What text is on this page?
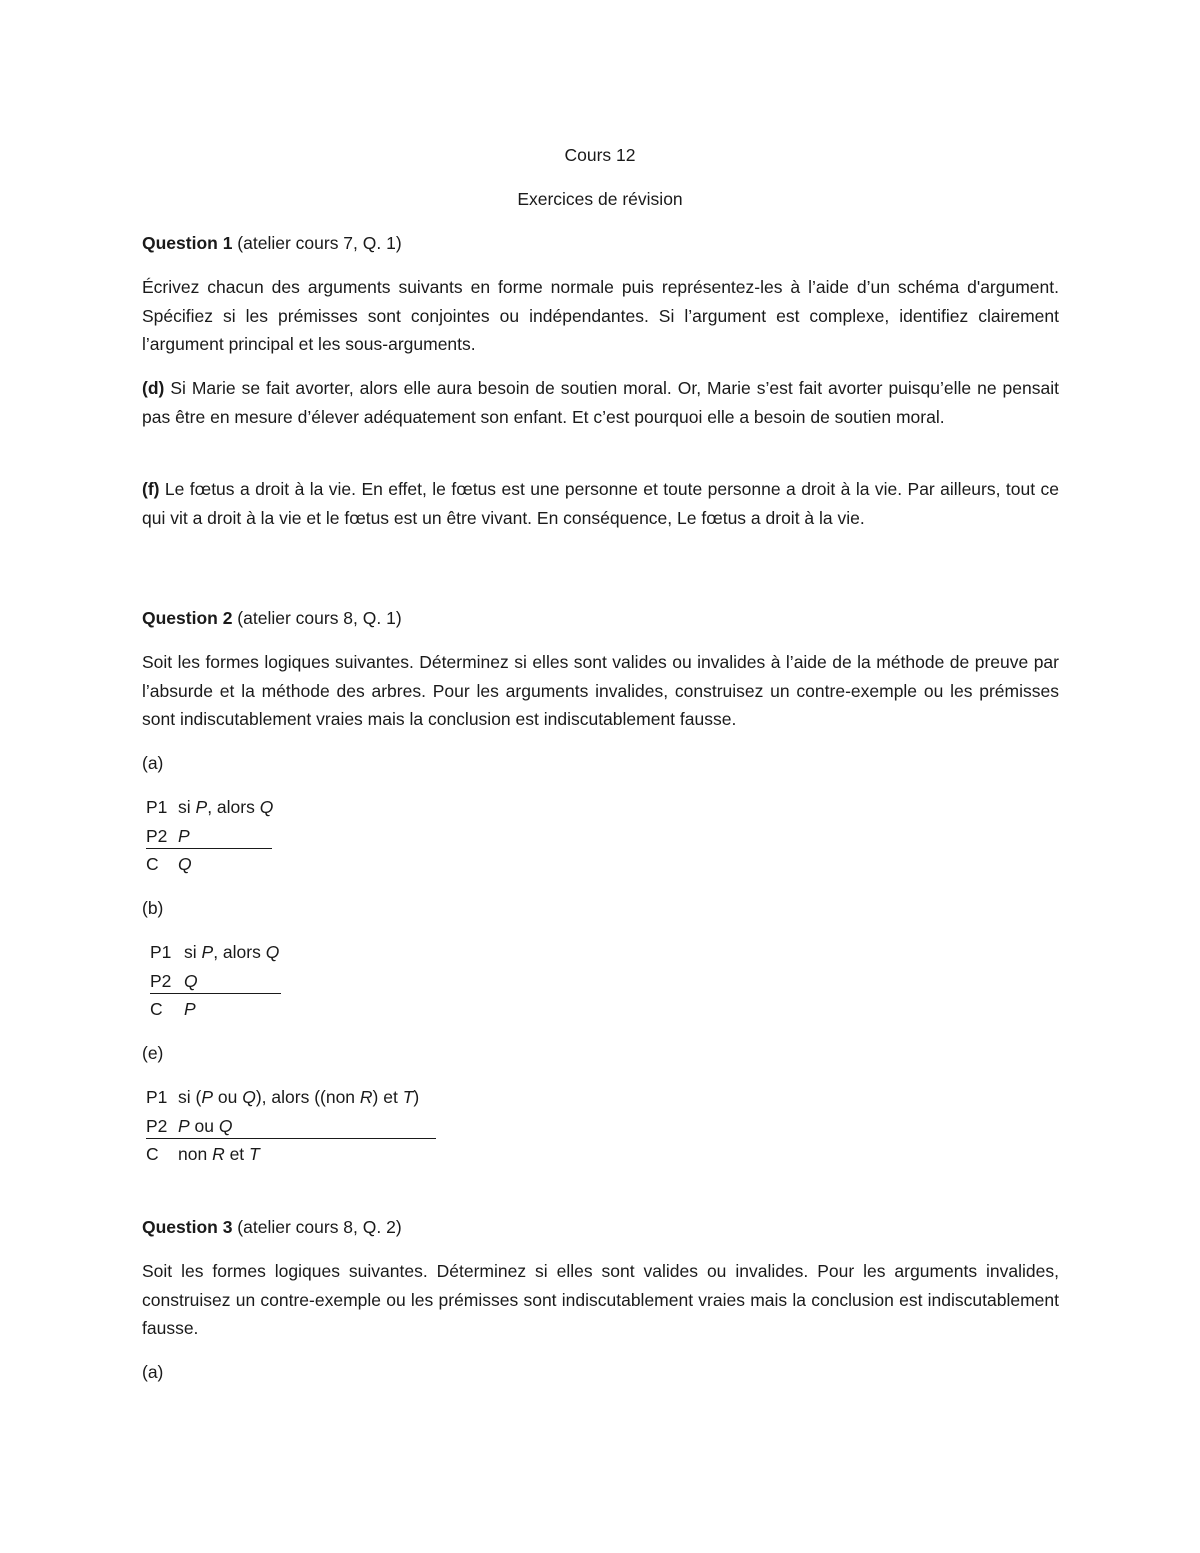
Cours 12

Exercices de révision

Question 1 (atelier cours 7, Q. 1)

Écrivez chacun des arguments suivants en forme normale puis représentez-les à l’aide d’un schéma d'argument. Spécifiez si les prémisses sont conjointes ou indépendantes. Si l’argument est complexe, identifiez clairement l’argument principal et les sous-arguments.

(d) Si Marie se fait avorter, alors elle aura besoin de soutien moral. Or, Marie s’est fait avorter puisqu’elle ne pensait pas être en mesure d’élever adéquatement son enfant. Et c’est pourquoi elle a besoin de soutien moral.

(f) Le fœtus a droit à la vie. En effet, le fœtus est une personne et toute personne a droit à la vie. Par ailleurs, tout ce qui vit a droit à la vie et le fœtus est un être vivant. En conséquence, Le fœtus a droit à la vie.

Question 2 (atelier cours 8, Q. 1)

Soit les formes logiques suivantes. Déterminez si elles sont valides ou invalides à l’aide de la méthode de preuve par l’absurde et la méthode des arbres. Pour les arguments invalides, construisez un contre-exemple ou les prémisses sont indiscutablement vraies mais la conclusion est indiscutablement fausse.

(a)

P1 si P, alors Q
P2 P
C Q

(b)

P1 si P, alors Q
P2 Q
C P

(e)

P1 si (P ou Q), alors ((non R) et T)
P2 P ou Q
C non R et T

Question 3 (atelier cours 8, Q. 2)

Soit les formes logiques suivantes. Déterminez si elles sont valides ou invalides. Pour les arguments invalides, construisez un contre-exemple ou les prémisses sont indiscutablement vraies mais la conclusion est indiscutablement fausse.

(a)
